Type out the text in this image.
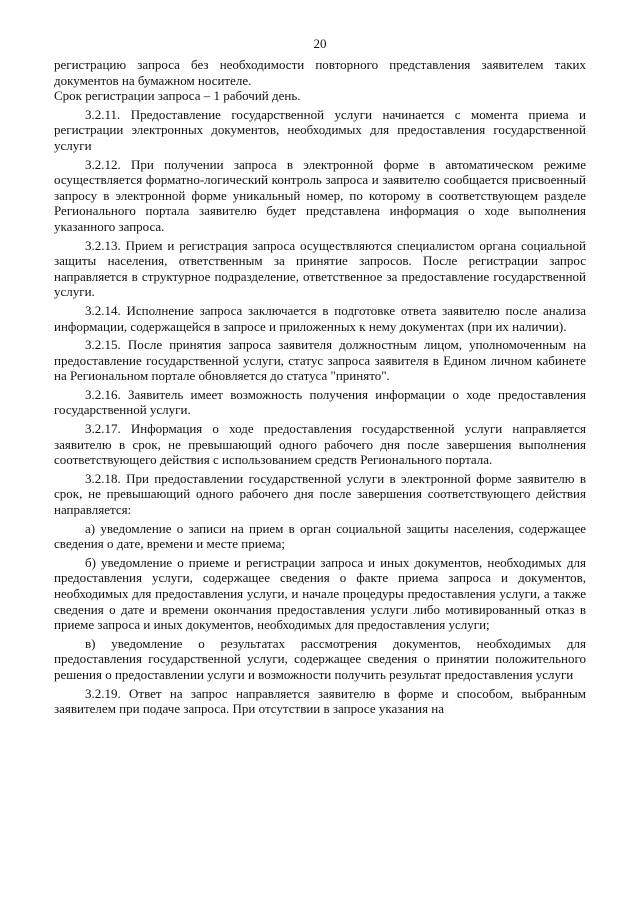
20

регистрацию запроса без необходимости повторного представления заявителем таких документов на бумажном носителе.

Срок регистрации запроса – 1 рабочий день.

3.2.11. Предоставление государственной услуги начинается с момента приема и регистрации электронных документов, необходимых для предоставления государственной услуги

3.2.12. При получении запроса в электронной форме в автоматическом режиме осуществляется форматно-логический контроль запроса и заявителю сообщается присвоенный запросу в электронной форме уникальный номер, по которому в соответствующем разделе Регионального портала заявителю будет представлена информация о ходе выполнения указанного запроса.

3.2.13. Прием и регистрация запроса осуществляются специалистом органа социальной защиты населения, ответственным за принятие запросов. После регистрации запрос направляется в структурное подразделение, ответственное за предоставление государственной услуги.

3.2.14. Исполнение запроса заключается в подготовке ответа заявителю после анализа информации, содержащейся в запросе и приложенных к нему документах (при их наличии).

3.2.15. После принятия запроса заявителя должностным лицом, уполномоченным на предоставление государственной услуги, статус запроса заявителя в Едином личном кабинете на Региональном портале обновляется до статуса "принято".

3.2.16. Заявитель имеет возможность получения информации о ходе предоставления государственной услуги.

3.2.17. Информация о ходе предоставления государственной услуги направляется заявителю в срок, не превышающий одного рабочего дня после завершения выполнения соответствующего действия с использованием средств Регионального портала.

3.2.18. При предоставлении государственной услуги в электронной форме заявителю в срок, не превышающий одного рабочего дня после завершения соответствующего действия направляется:

а) уведомление о записи на прием в орган социальной защиты населения, содержащее сведения о дате, времени и месте приема;

б) уведомление о приеме и регистрации запроса и иных документов, необходимых для предоставления услуги, содержащее сведения о факте приема запроса и документов, необходимых для предоставления услуги, и начале процедуры предоставления услуги, а также сведения о дате и времени окончания предоставления услуги либо мотивированный отказ в приеме запроса и иных документов, необходимых для предоставления услуги;

в) уведомление о результатах рассмотрения документов, необходимых для предоставления государственной услуги, содержащее сведения о принятии положительного решения о предоставлении услуги и возможности получить результат предоставления услуги

3.2.19. Ответ на запрос направляется заявителю в форме и способом, выбранным заявителем при подаче запроса. При отсутствии в запросе указания на
